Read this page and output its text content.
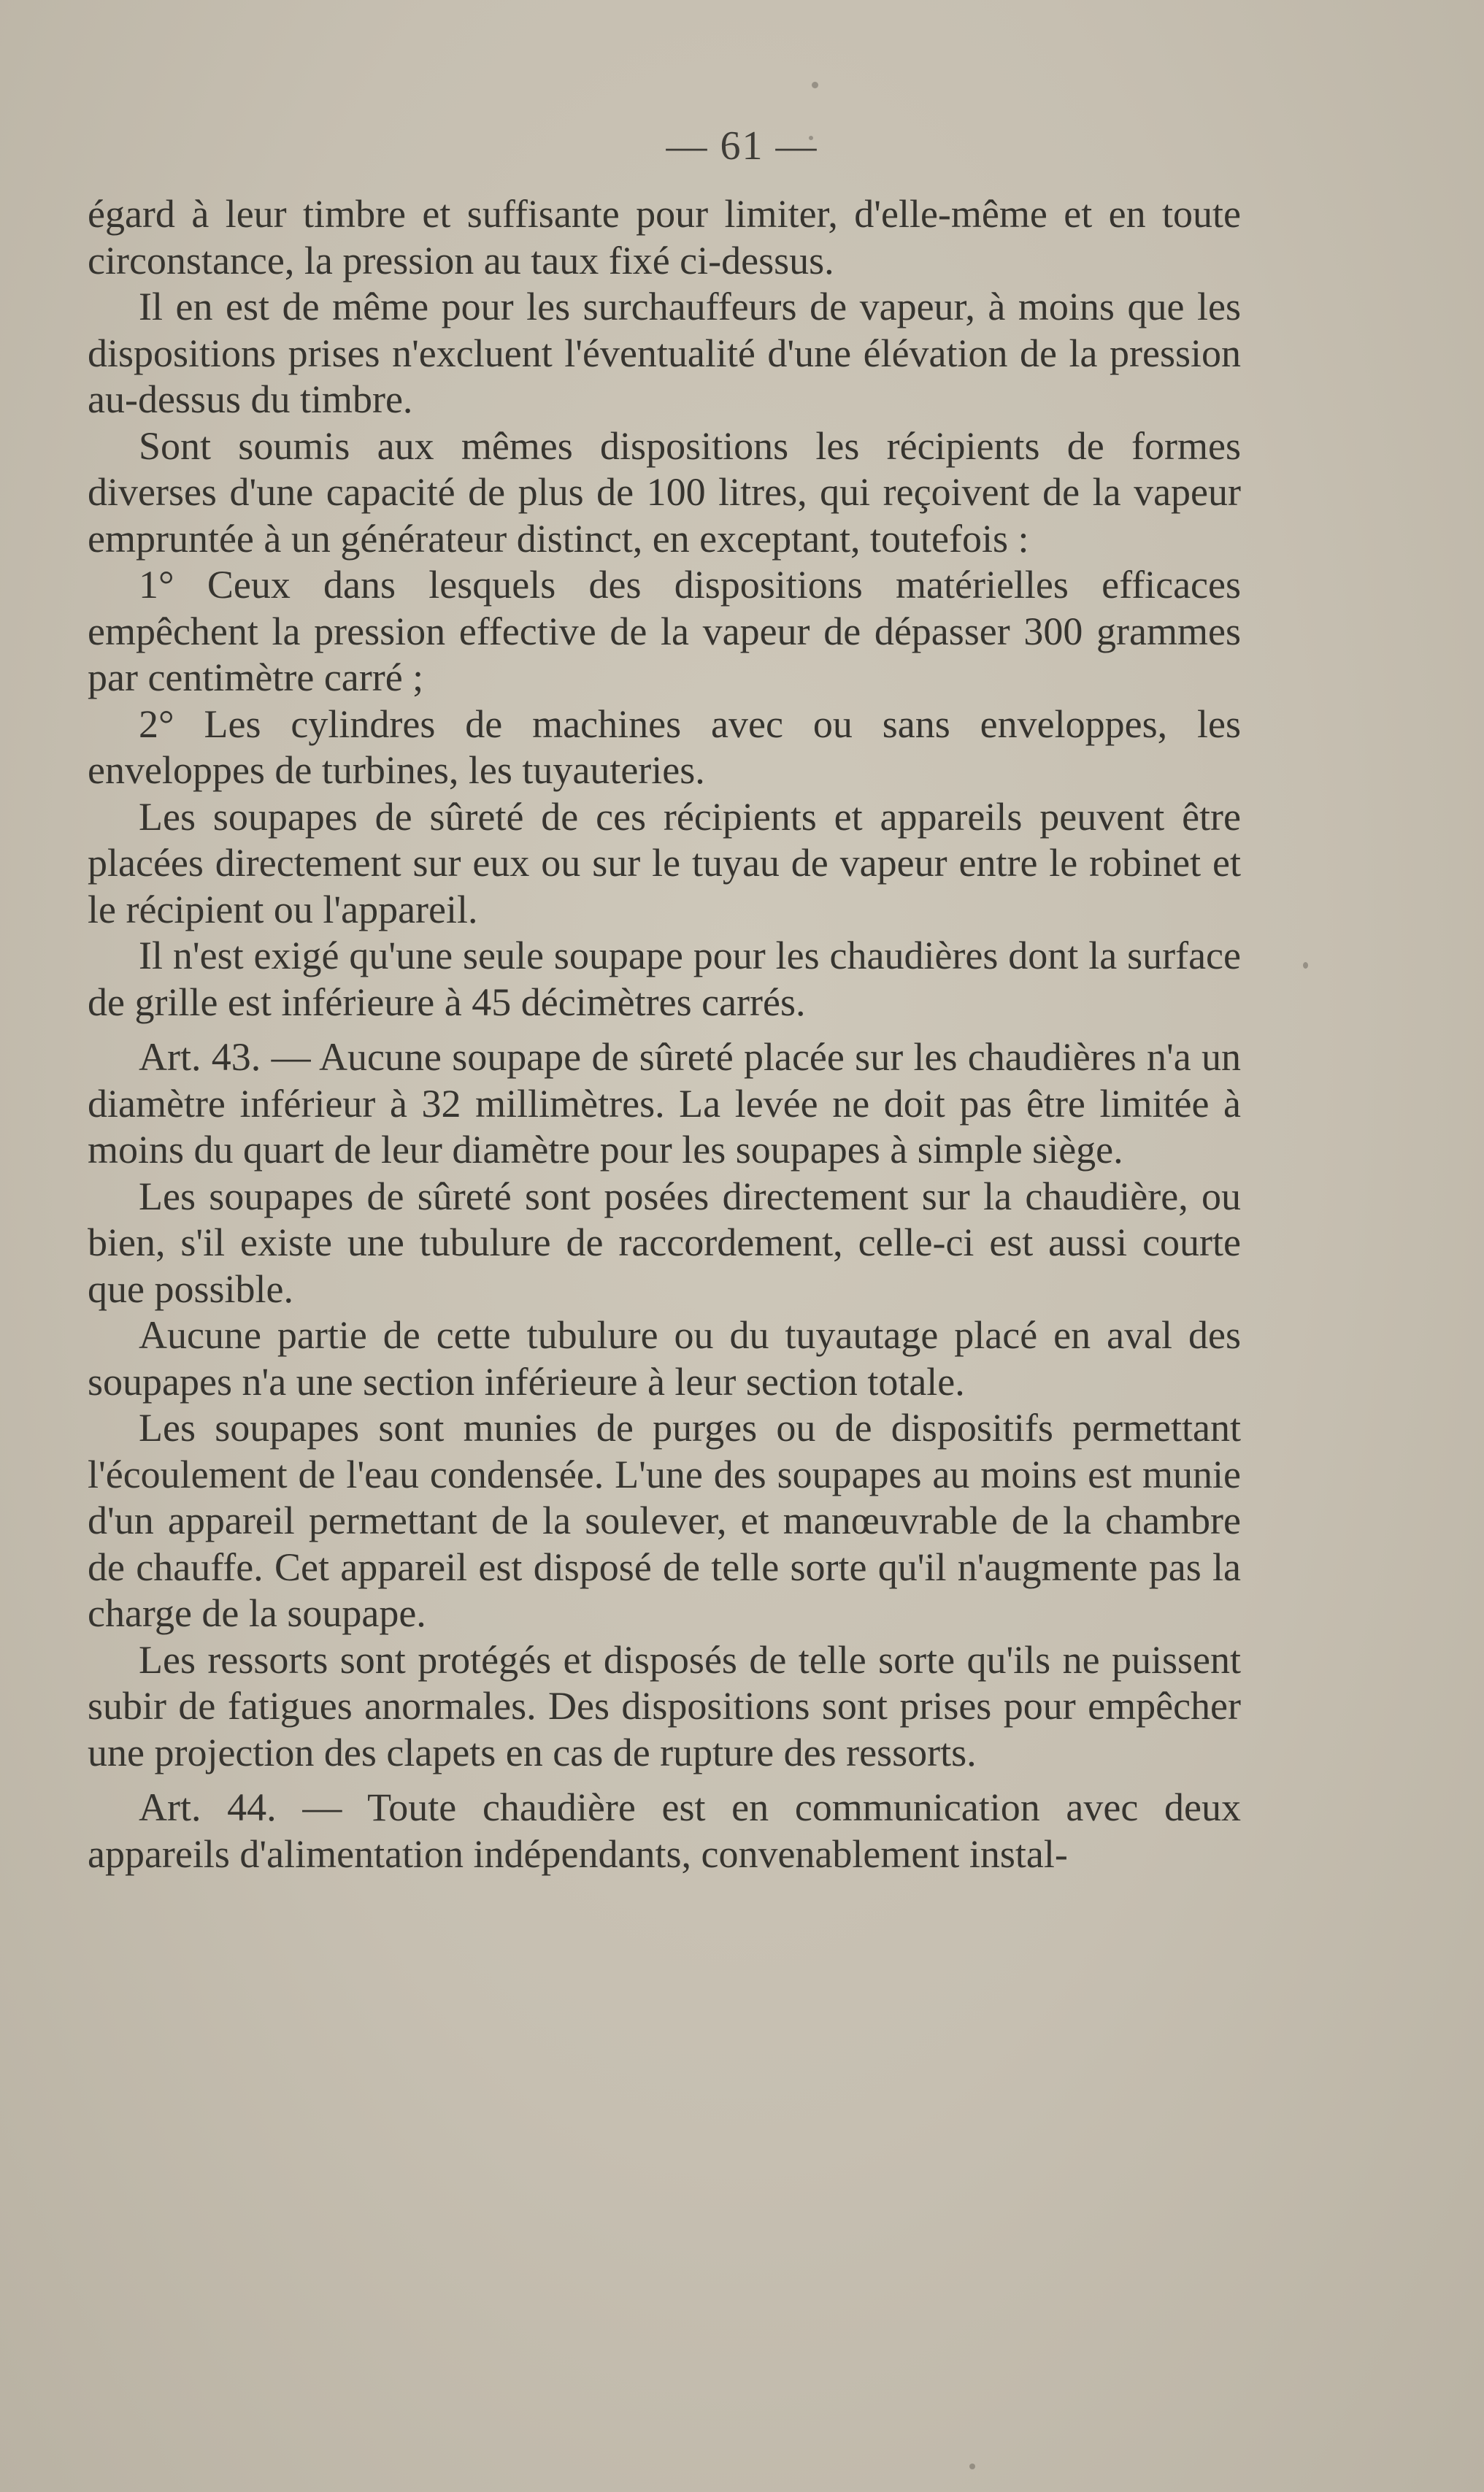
— 61 —

égard à leur timbre et suffisante pour limiter, d'elle-même et en toute circonstance, la pression au taux fixé ci-dessus.

Il en est de même pour les surchauffeurs de vapeur, à moins que les dispositions prises n'excluent l'éventualité d'une élévation de la pression au-dessus du timbre.

Sont soumis aux mêmes dispositions les récipients de formes diverses d'une capacité de plus de 100 litres, qui reçoivent de la vapeur empruntée à un générateur distinct, en exceptant, toutefois :

1° Ceux dans lesquels des dispositions matérielles efficaces empêchent la pression effective de la vapeur de dépasser 300 grammes par centimètre carré ;

2° Les cylindres de machines avec ou sans enveloppes, les enveloppes de turbines, les tuyauteries.

Les soupapes de sûreté de ces récipients et appareils peuvent être placées directement sur eux ou sur le tuyau de vapeur entre le robinet et le récipient ou l'appareil.

Il n'est exigé qu'une seule soupape pour les chaudières dont la surface de grille est inférieure à 45 décimètres carrés.

Art. 43. — Aucune soupape de sûreté placée sur les chaudières n'a un diamètre inférieur à 32 millimètres. La levée ne doit pas être limitée à moins du quart de leur diamètre pour les soupapes à simple siège.

Les soupapes de sûreté sont posées directement sur la chaudière, ou bien, s'il existe une tubulure de raccordement, celle-ci est aussi courte que possible.

Aucune partie de cette tubulure ou du tuyautage placé en aval des soupapes n'a une section inférieure à leur section totale.

Les soupapes sont munies de purges ou de dispositifs permettant l'écoulement de l'eau condensée. L'une des soupapes au moins est munie d'un appareil permettant de la soulever, et manœuvrable de la chambre de chauffe. Cet appareil est disposé de telle sorte qu'il n'augmente pas la charge de la soupape.

Les ressorts sont protégés et disposés de telle sorte qu'ils ne puissent subir de fatigues anormales. Des dispositions sont prises pour empêcher une projection des clapets en cas de rupture des ressorts.

Art. 44. — Toute chaudière est en communication avec deux appareils d'alimentation indépendants, convenablement instal-
